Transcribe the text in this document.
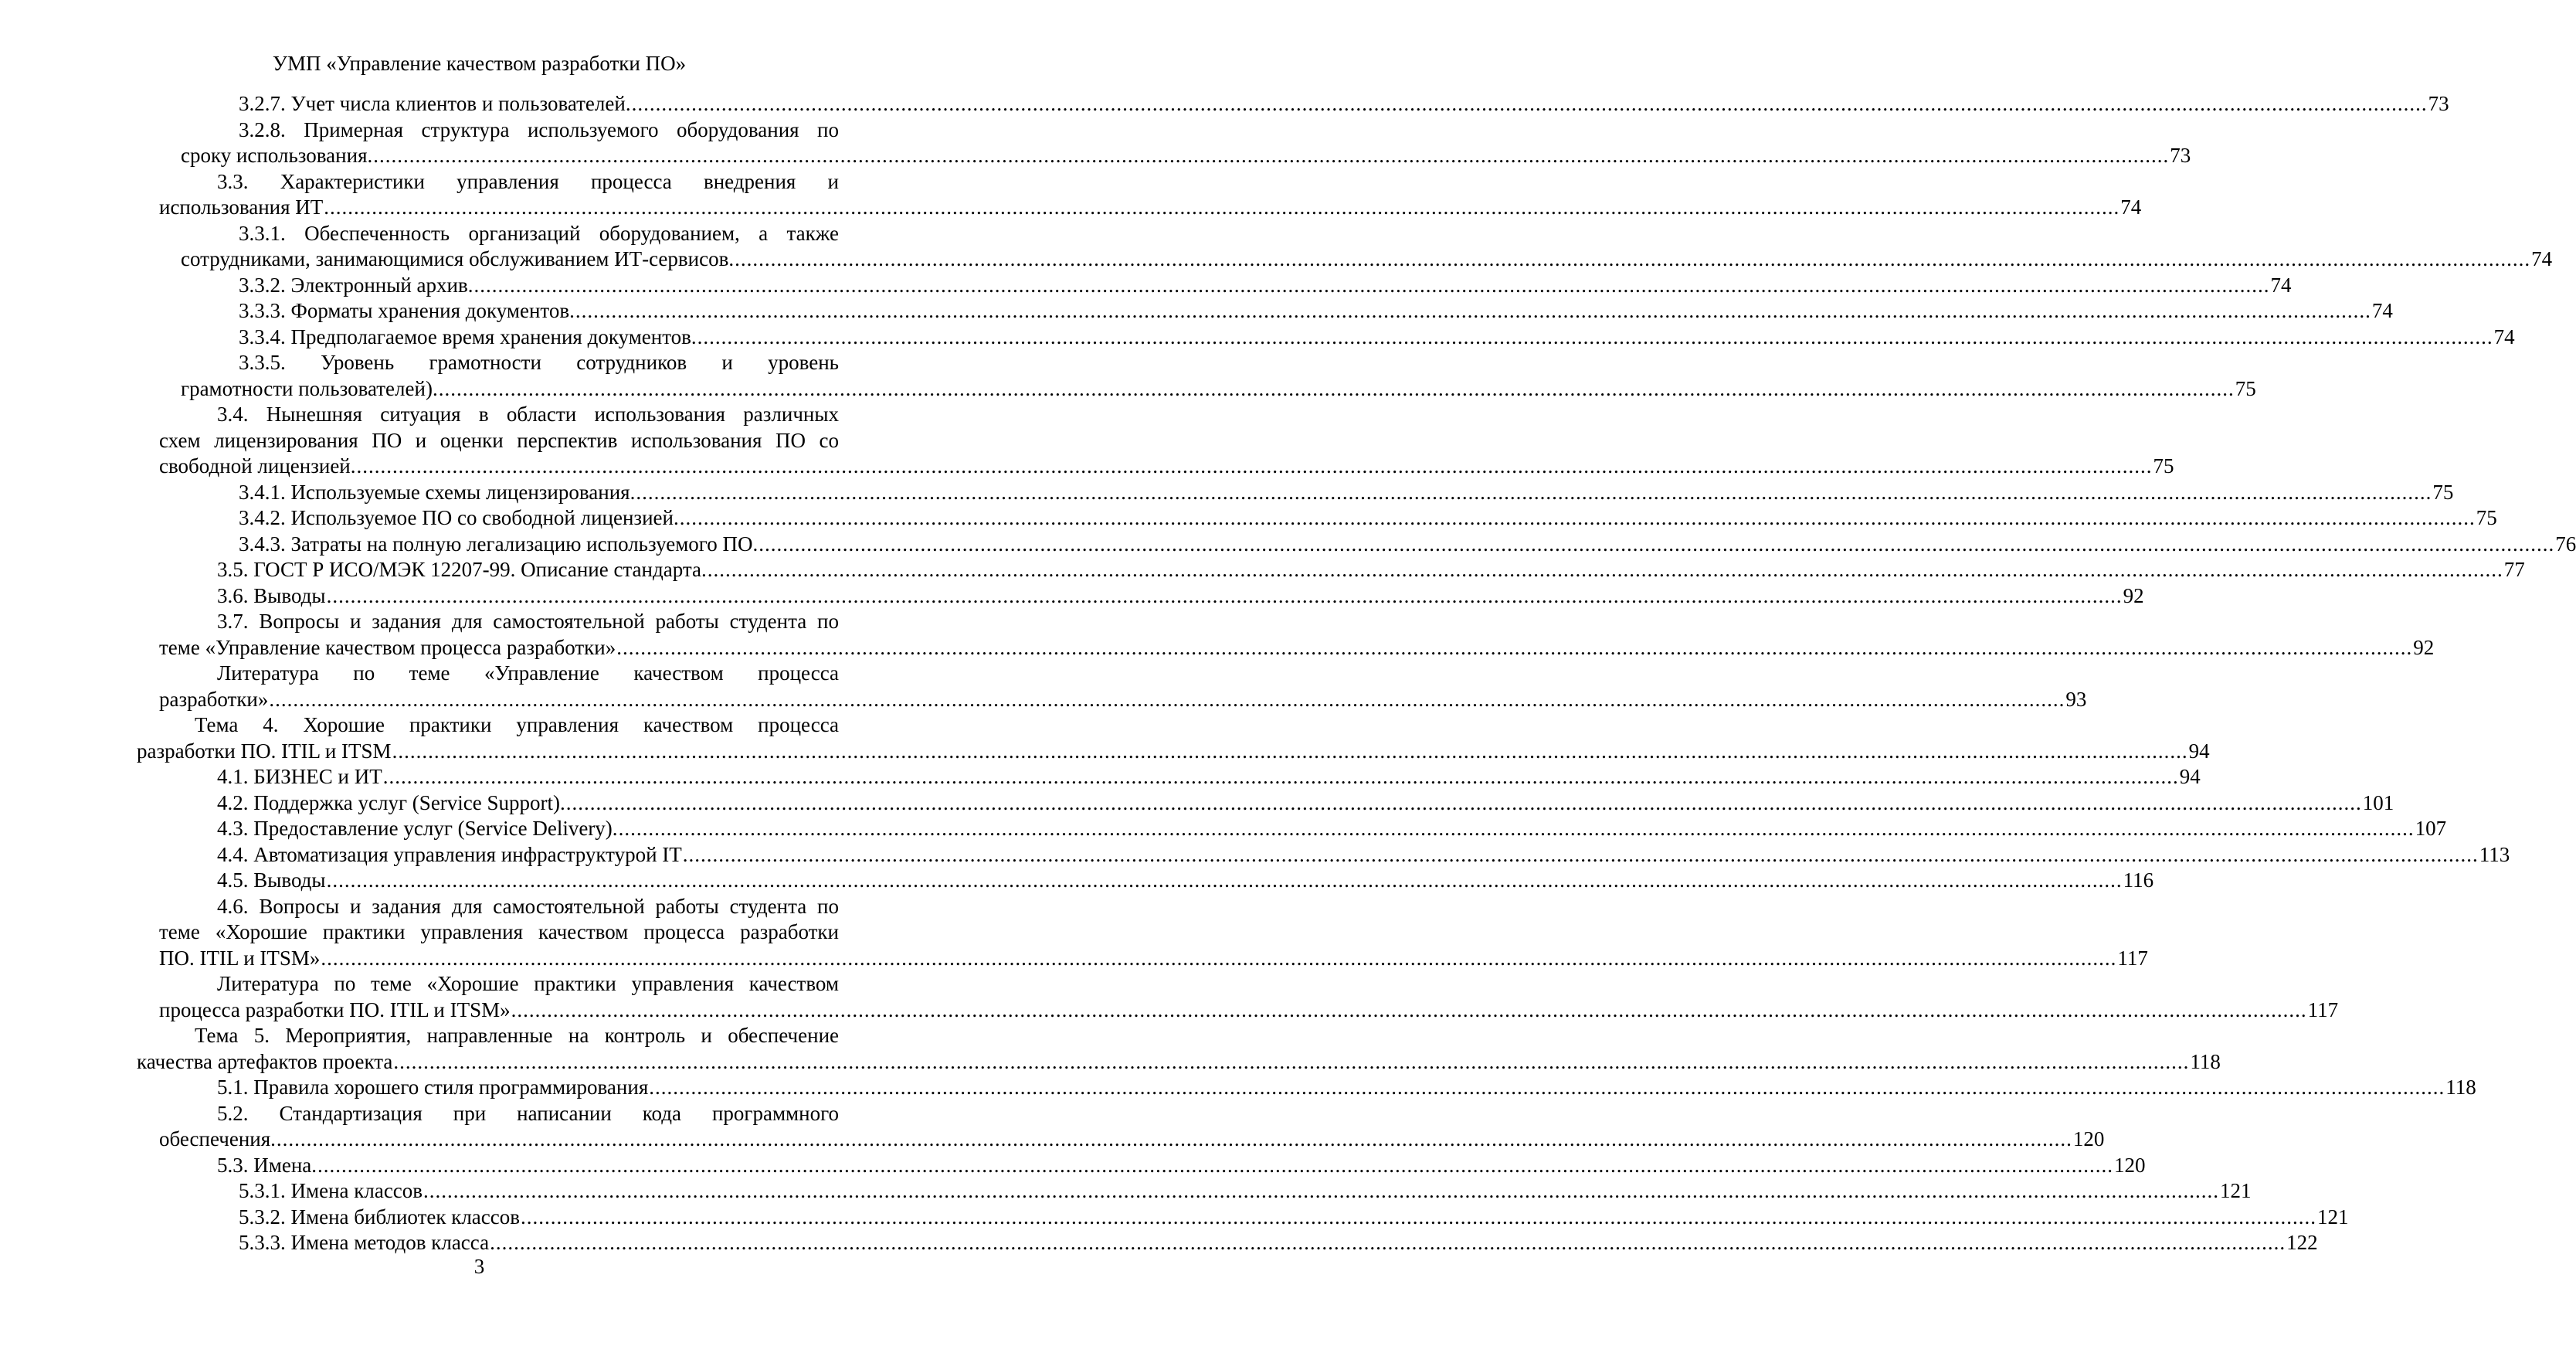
УМП «Управление качеством разработки ПО»
3.2.7. Учет числа клиентов и пользователей. ............................................................................................................................................................................................................................................................................................................ 73
3.2.8. Примерная структура используемого оборудования по
сроку использования. ............................................................................................................................................................................................................................................................................................................ 73
3.3. Характеристики управления процесса внедрения и
использования ИТ ............................................................................................................................................................................................................................................................................................................ 74
3.3.1. Обеспеченность организаций оборудованием, а также
сотрудниками, занимающимися обслуживанием ИТ-сервисов. ............................................................................................................................................................................................................................................................................................................ 74
3.3.2. Электронный архив. ............................................................................................................................................................................................................................................................................................................ 74
3.3.3. Форматы хранения документов. ............................................................................................................................................................................................................................................................................................................ 74
3.3.4. Предполагаемое время хранения документов. ............................................................................................................................................................................................................................................................................................................ 74
3.3.5. Уровень грамотности сотрудников и уровень
грамотности пользователей). ............................................................................................................................................................................................................................................................................................................ 75
3.4. Нынешняя ситуация в области использования различных
схем лицензирования ПО и оценки перспектив использования ПО со
свободной лицензией. ............................................................................................................................................................................................................................................................................................................ 75
3.4.1. Используемые схемы лицензирования. ............................................................................................................................................................................................................................................................................................................ 75
3.4.2. Используемое ПО со свободной лицензией. ............................................................................................................................................................................................................................................................................................................ 75
3.4.3. Затраты на полную легализацию используемого ПО. ............................................................................................................................................................................................................................................................................................................ 76
3.5. ГОСТ Р ИСО/МЭК 12207-99. Описание стандарта. ............................................................................................................................................................................................................................................................................................................ 77
3.6. Выводы ............................................................................................................................................................................................................................................................................................................ 92
3.7. Вопросы и задания для самостоятельной работы студента по
теме «Управление качеством процесса разработки» ............................................................................................................................................................................................................................................................................................................ 92
Литература по теме «Управление качеством процесса
разработки» ............................................................................................................................................................................................................................................................................................................ 93
Тема 4. Хорошие практики управления качеством процесса
разработки ПО. ITIL и ITSM ............................................................................................................................................................................................................................................................................................................ 94
4.1. БИЗНЕС и ИТ ............................................................................................................................................................................................................................................................................................................ 94
4.2. Поддержка услуг (Service Support). ............................................................................................................................................................................................................................................................................................................ 101
4.3. Предоставление услуг (Service Delivery). ............................................................................................................................................................................................................................................................................................................ 107
4.4. Автоматизация управления инфраструктурой IT ............................................................................................................................................................................................................................................................................................................ 113
4.5. Выводы ............................................................................................................................................................................................................................................................................................................ 116
4.6. Вопросы и задания для самостоятельной работы студента по
теме «Хорошие практики управления качеством процесса разработки
ПО. ITIL и ITSM» ............................................................................................................................................................................................................................................................................................................ 117
Литература по теме «Хорошие практики управления качеством
процесса разработки ПО. ITIL и ITSM» ............................................................................................................................................................................................................................................................................................................ 117
Тема 5. Мероприятия, направленные на контроль и обеспечение
качества артефактов проекта ............................................................................................................................................................................................................................................................................................................ 118
5.1. Правила хорошего стиля программирования ............................................................................................................................................................................................................................................................................................................ 118
5.2. Стандартизация при написании кода программного
обеспечения. ............................................................................................................................................................................................................................................................................................................ 120
5.3. Имена. ............................................................................................................................................................................................................................................................................................................ 120
5.3.1. Имена классов ............................................................................................................................................................................................................................................................................................................ 121
5.3.2. Имена библиотек классов ............................................................................................................................................................................................................................................................................................................ 121
5.3.3. Имена методов класса ............................................................................................................................................................................................................................................................................................................ 122
3
